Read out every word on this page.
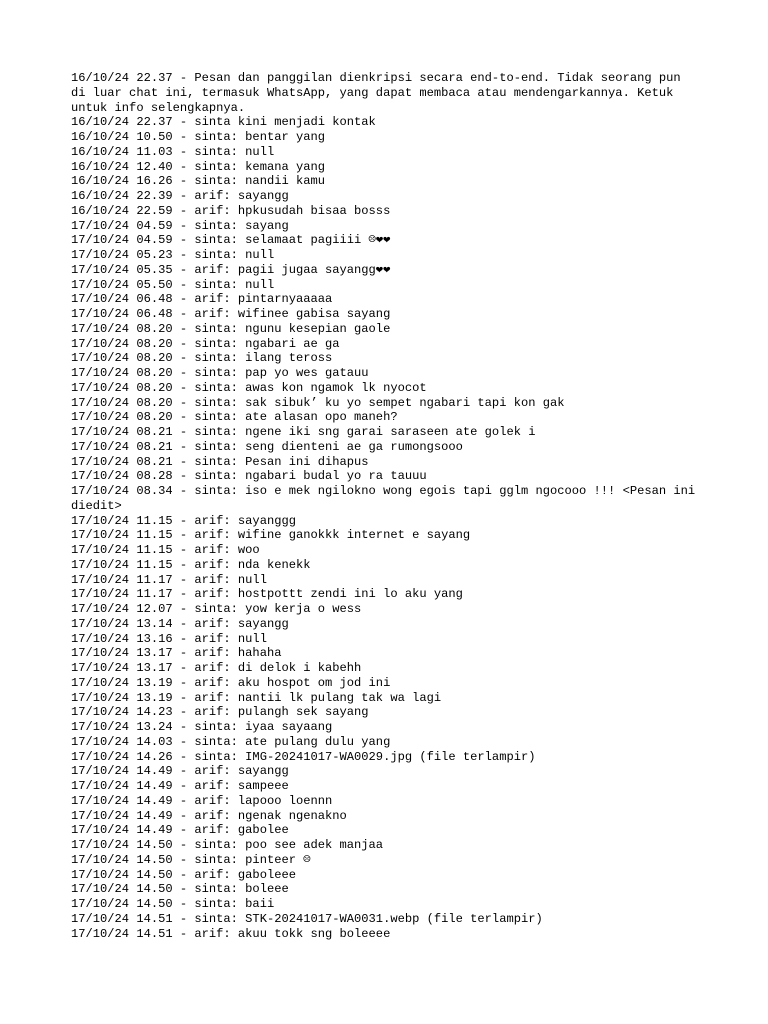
16/10/24 22.37 - Pesan dan panggilan dienkripsi secara end-to-end. Tidak seorang pun di luar chat ini, termasuk WhatsApp, yang dapat membaca atau mendengarkannya. Ketuk untuk info selengkapnya.
16/10/24 22.37 - sinta kini menjadi kontak
16/10/24 10.50 - sinta: bentar yang
16/10/24 11.03 - sinta: null
16/10/24 12.40 - sinta: kemana yang
16/10/24 16.26 - sinta: nandii kamu
16/10/24 22.39 - arif: sayangg
16/10/24 22.59 - arif: hpkusudah bisaa bosss
17/10/24 04.59 - sinta: sayang
17/10/24 04.59 - sinta: selamaat pagiiii ☹❤❤
17/10/24 05.23 - sinta: null
17/10/24 05.35 - arif: pagii jugaa sayangg❤❤
17/10/24 05.50 - sinta: null
17/10/24 06.48 - arif: pintarnyaaaaa
17/10/24 06.48 - arif: wifinee gabisa sayang
17/10/24 08.20 - sinta: ngunu kesepian gaole
17/10/24 08.20 - sinta: ngabari ae ga
17/10/24 08.20 - sinta: ilang teross
17/10/24 08.20 - sinta: pap yo wes gatauu
17/10/24 08.20 - sinta: awas kon ngamok lk nyocot
17/10/24 08.20 - sinta: sak sibuk’ ku yo sempet ngabari tapi kon gak
17/10/24 08.20 - sinta: ate alasan opo maneh?
17/10/24 08.21 - sinta: ngene iki sng garai saraseen ate golek i
17/10/24 08.21 - sinta: seng dienteni ae ga rumongsooo
17/10/24 08.21 - sinta: Pesan ini dihapus
17/10/24 08.28 - sinta: ngabari budal yo ra tauuu
17/10/24 08.34 - sinta: iso e mek ngilokno wong egois tapi gglm ngocooo !!! <Pesan ini diedit>
17/10/24 11.15 - arif: sayanggg
17/10/24 11.15 - arif: wifine ganokkk internet e sayang
17/10/24 11.15 - arif: woo
17/10/24 11.15 - arif: nda kenekk
17/10/24 11.17 - arif: null
17/10/24 11.17 - arif: hostpottt zendi ini lo aku yang
17/10/24 12.07 - sinta: yow kerja o wess
17/10/24 13.14 - arif: sayangg
17/10/24 13.16 - arif: null
17/10/24 13.17 - arif: hahaha
17/10/24 13.17 - arif: di delok i kabehh
17/10/24 13.19 - arif: aku hospot om jod ini
17/10/24 13.19 - arif: nantii lk pulang tak wa lagi
17/10/24 14.23 - arif: pulangh sek sayang
17/10/24 13.24 - sinta: iyaa sayaang
17/10/24 14.03 - sinta: ate pulang dulu yang
17/10/24 14.26 - sinta: IMG-20241017-WA0029.jpg (file terlampir)
17/10/24 14.49 - arif: sayangg
17/10/24 14.49 - arif: sampeee
17/10/24 14.49 - arif: lapooo loennn
17/10/24 14.49 - arif: ngenak ngenakno
17/10/24 14.49 - arif: gabolee
17/10/24 14.50 - sinta: poo see adek manjaa
17/10/24 14.50 - sinta: pinteer ☹
17/10/24 14.50 - arif: gaboleee
17/10/24 14.50 - sinta: boleee
17/10/24 14.50 - sinta: baii
17/10/24 14.51 - sinta: STK-20241017-WA0031.webp (file terlampir)
17/10/24 14.51 - arif: akuu tokk sng boleeee
